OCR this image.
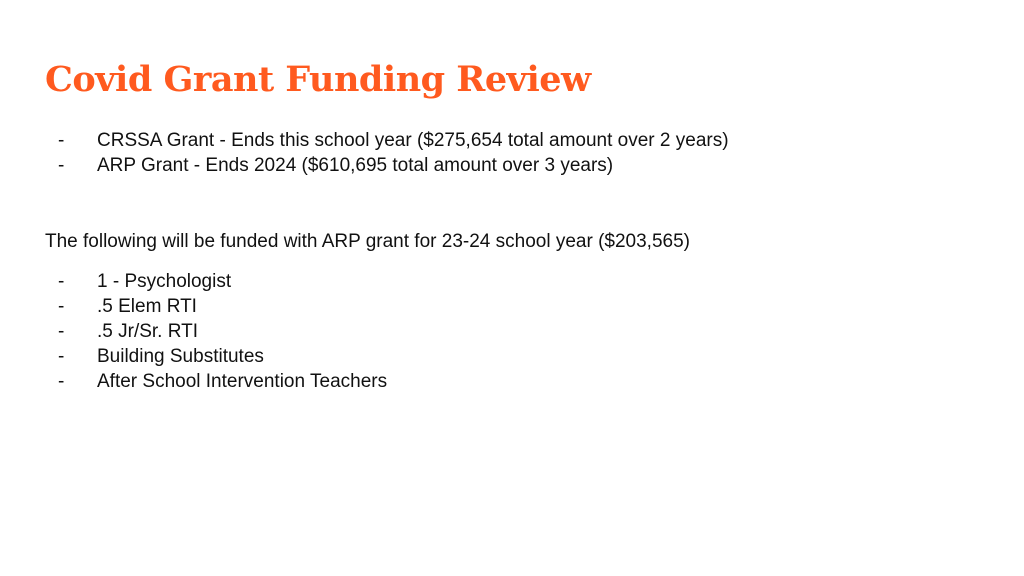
Covid Grant Funding Review
- CRSSA Grant - Ends this school year ($275,654 total amount over 2 years)
- ARP Grant - Ends 2024 ($610,695 total amount over 3 years)

The following will be funded with ARP grant for 23-24 school year ($203,565)

- 1 - Psychologist
- .5 Elem RTI
- .5 Jr/Sr. RTI
- Building Substitutes
- After School Intervention Teachers
